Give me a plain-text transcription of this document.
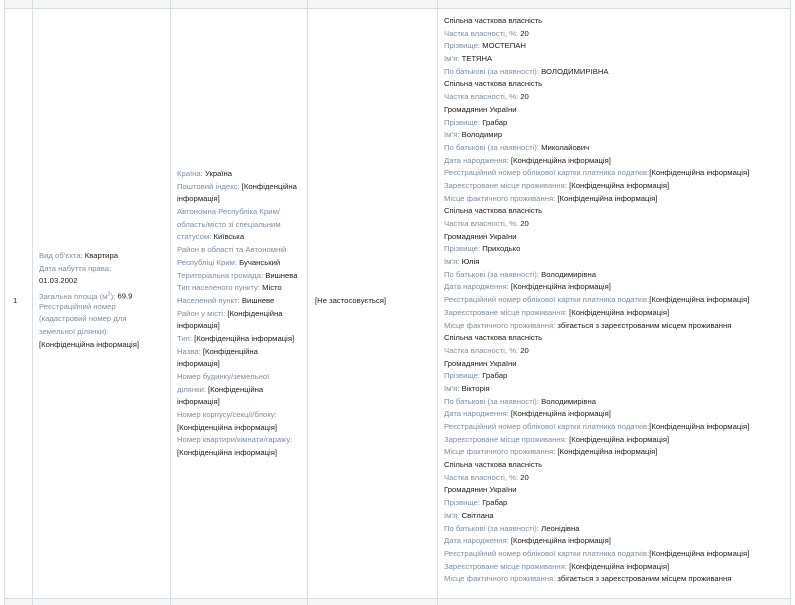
1
Вид об’єкта: Квартира
Дата набуття права:
01.03.2002
Загальна площа $(м^2)$: 69.9
Реєстраційний номер
(кадастровий номер для
земельної ділянки):
[Конфіденційна інформація]
Країна: Україна
Поштовий індекс: [Конфіденційна
інформація]
Автономна Республіка Крим/
область/місто зі спеціальним
статусом: Київська
Район в області та Автономній
Республіці Крим: Бучанський
Територіальна громада: Вишнева
Тип населеного пункту: Місто
Населений пункт: Вишневе
Район у місті: [Конфіденційна
інформація]
Тип: [Конфіденційна інформація]
Назва: [Конфіденційна
інформація]
Номер будинку/земельної
ділянки: [Конфіденційна
інформація]
Номер корпусу/секції/блоку:
[Конфіденційна інформація]
Номер квартири/кімнати/гаражу:
[Конфіденційна інформація]
[Не застосовується]
Спільна часткова власність
Частка власності, %: 20
Прізвище: МОСТЕПАН
Ім’я: ТЕТЯНА
По батькові (за наявності): ВОЛОДИМИРІВНА
Спільна часткова власність
Частка власності, %: 20
Громадянин України
Прізвище: Грабар
Ім’я: Володимир
По батькові (за наявності): Миколайович
Дата народження: [Конфіденційна інформація]
Реєстраційний номер облікової картки платника податків:[Конфіденційна інформація]
Зареєстроване місце проживання: [Конфіденційна інформація]
Місце фактичного проживання: [Конфіденційна інформація]
Спільна часткова власність
Частка власності, %: 20
Громадянин України
Прізвище: Приходько
Ім’я: Юлія
По батькові (за наявності): Володимирівна
Дата народження: [Конфіденційна інформація]
Реєстраційний номер облікової картки платника податків:[Конфіденційна інформація]
Зареєстроване місце проживання: [Конфіденційна інформація]
Місце фактичного проживання: збігається з зареєстрованим місцем проживання
Спільна часткова власність
Частка власності, %: 20
Громадянин України
Прізвище: Грабар
Ім’я: Вікторія
По батькові (за наявності): Володимирівна
Дата народження: [Конфіденційна інформація]
Реєстраційний номер облікової картки платника податків:[Конфіденційна інформація]
Зареєстроване місце проживання: [Конфіденційна інформація]
Місце фактичного проживання: [Конфіденційна інформація]
Спільна часткова власність
Частка власності, %: 20
Громадянин України
Прізвище: Грабар
Ім’я: Світлана
По батькові (за наявності): Леонідівна
Дата народження: [Конфіденційна інформація]
Реєстраційний номер облікової картки платника податків:[Конфіденційна інформація]
Зареєстроване місце проживання: [Конфіденційна інформація]
Місце фактичного проживання: збігається з зареєстрованим місцем проживання
